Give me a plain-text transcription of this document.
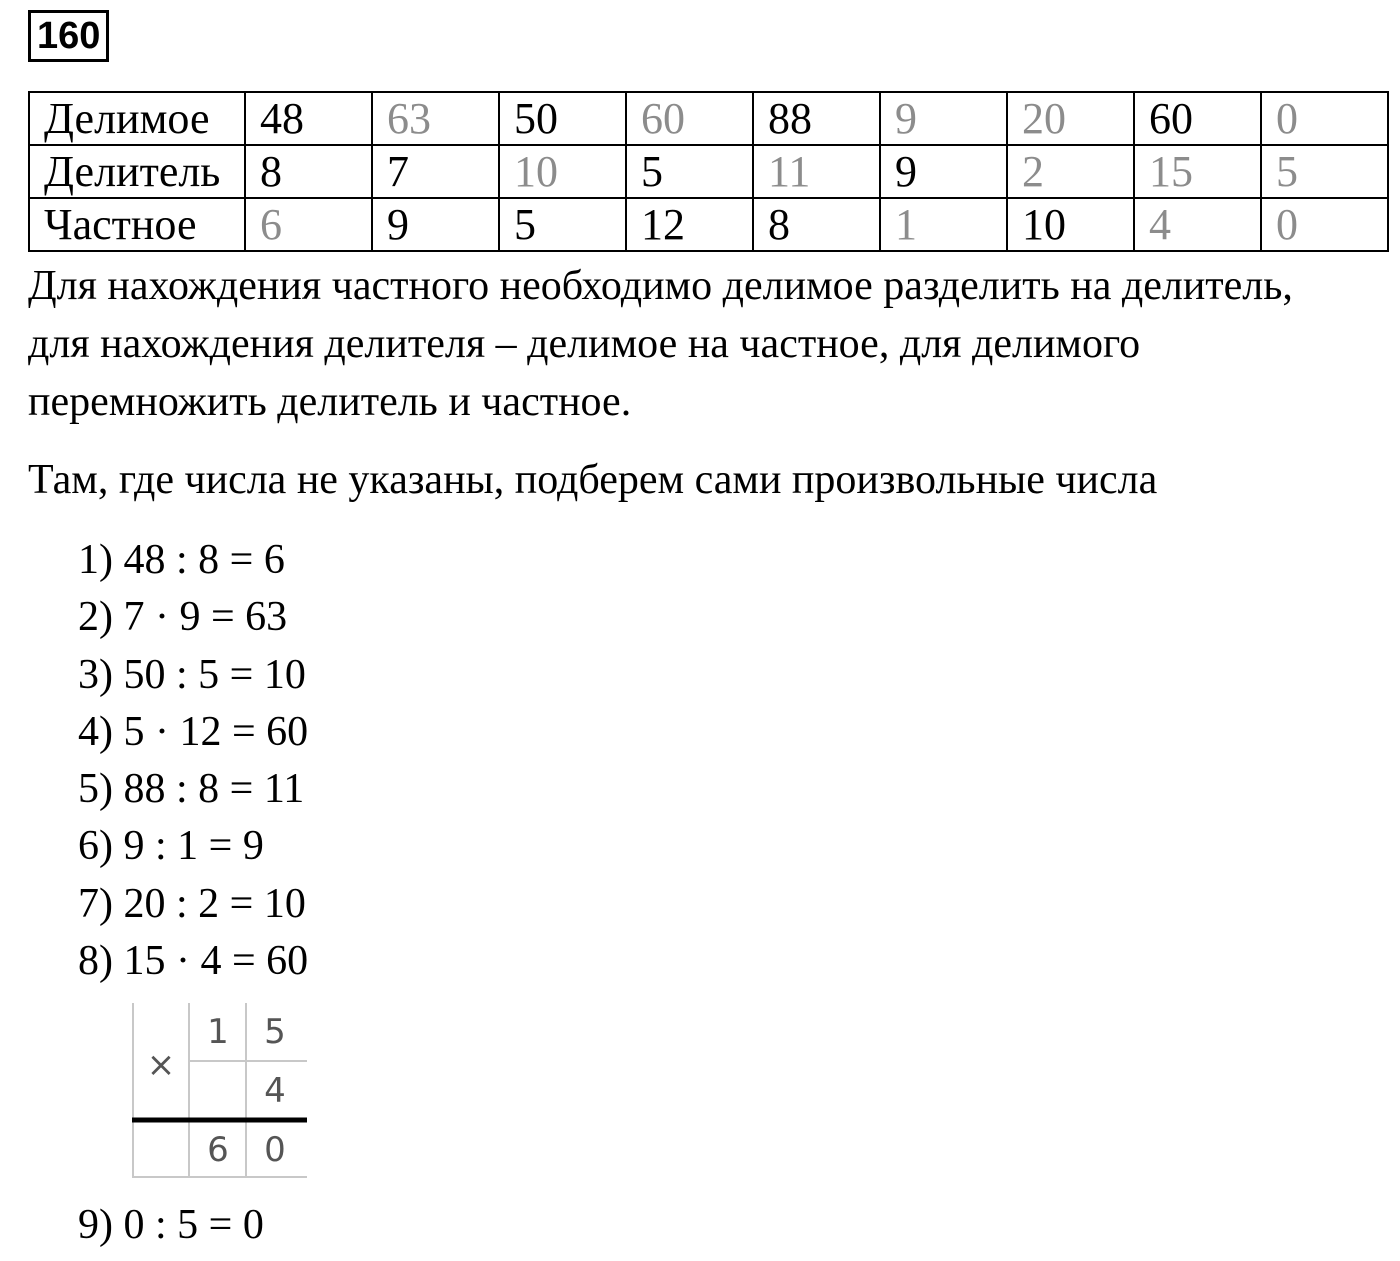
160
Делимое	48	63	50	60	88	9	20	60	0
Делитель	8	7	10	5	11	9	2	15	5
Частное	6	9	5	12	8	1	10	4	0

Для нахождения частного необходимо делимое разделить на делитель, для нахождения делителя – делимое на частное, для делимого перемножить делитель и частное.

Там, где числа не указаны, подберем сами произвольные числа

1) 48 : 8 = 6
2) 7 · 9 = 63
3) 50 : 5 = 10
4) 5 · 12 = 60
5) 88 : 8 = 11
6) 9 : 1 = 9
7) 20 : 2 = 10
8) 15 · 4 = 60
×
1	5
4
6	0
9) 0 : 5 = 0
